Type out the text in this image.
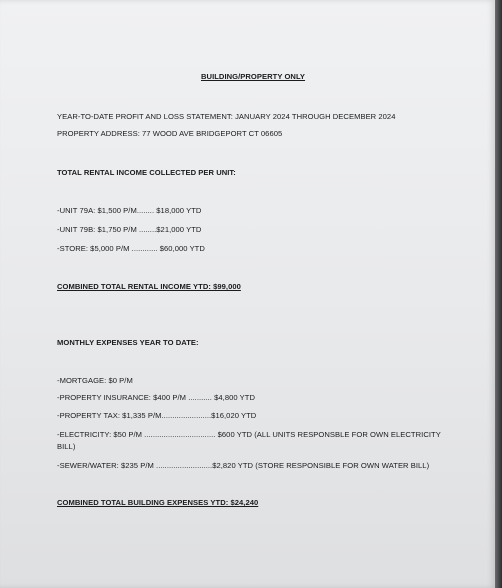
BUILDING/PROPERTY ONLY
YEAR-TO-DATE PROFIT AND LOSS STATEMENT: JANUARY 2024 THROUGH DECEMBER 2024
PROPERTY ADDRESS: 77 WOOD AVE BRIDGEPORT CT 06605
TOTAL RENTAL INCOME COLLECTED PER UNIT:
-UNIT 79A: $1,500 P/M........ $18,000 YTD
-UNIT 79B: $1,750 P/M ........$21,000 YTD
-STORE: $5,000 P/M ............ $60,000 YTD
COMBINED TOTAL RENTAL INCOME YTD: $99,000
MONTHLY EXPENSES YEAR TO DATE:
-MORTGAGE: $0 P/M
-PROPERTY INSURANCE: $400 P/M ........... $4,800 YTD
-PROPERTY TAX: $1,335 P/M.......................$16,020 YTD
-ELECTRICITY: $50 P/M ................................. $600 YTD (ALL UNITS RESPONSBLE FOR OWN ELECTRICITY BILL)
-SEWER/WATER: $235 P/M ..........................$2,820 YTD (STORE RESPONSIBLE FOR OWN WATER BILL)
COMBINED TOTAL BUILDING EXPENSES YTD: $24,240
